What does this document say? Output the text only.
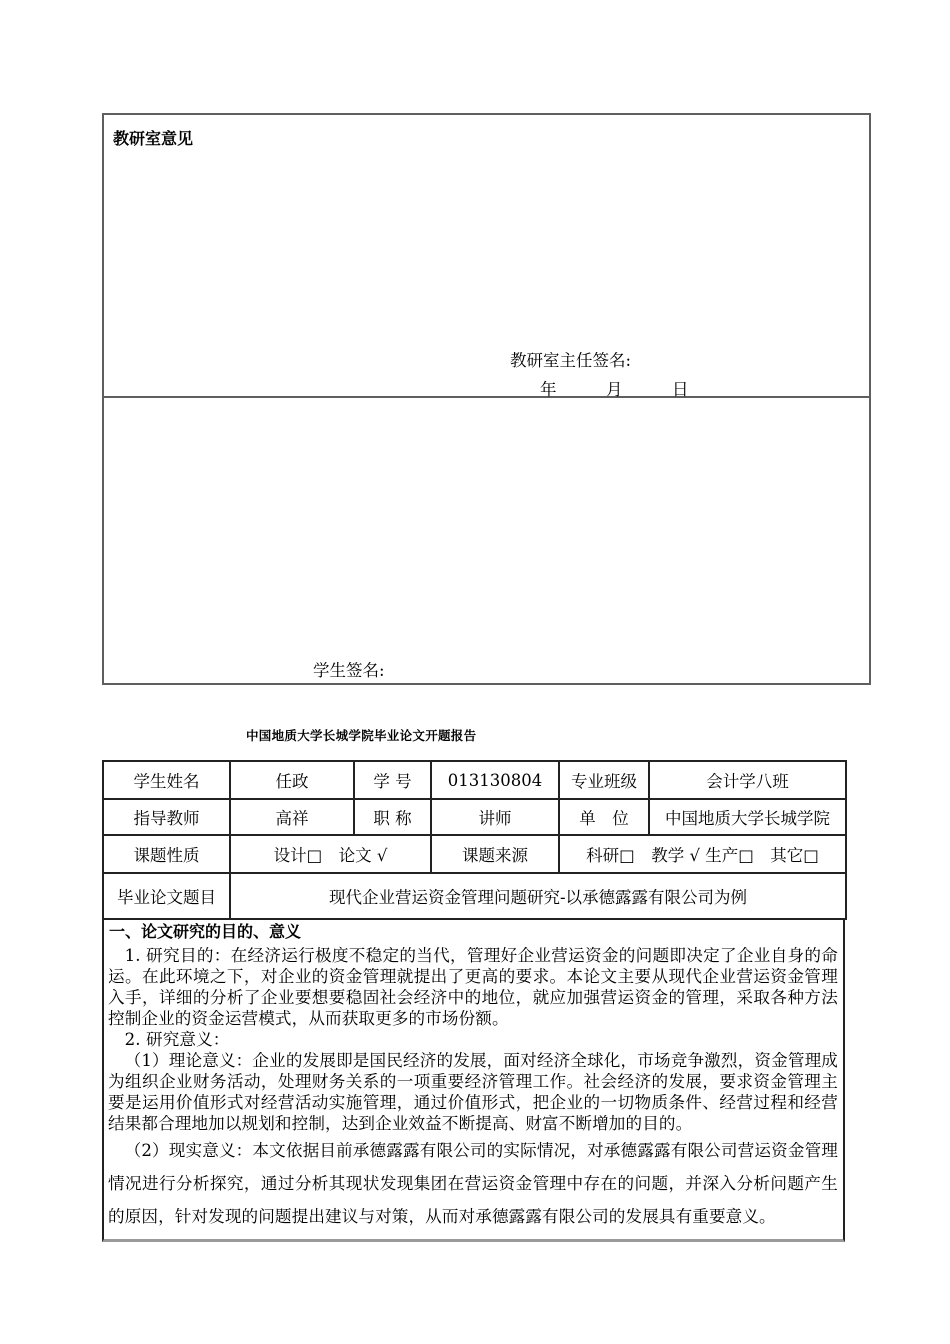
教研室意见
教研室主任签名:
年　　　月　　　日
学生签名:
中国地质大学长城学院毕业论文开题报告
学生姓名	任政	学 号	013130804	专业班级	会计学八班
指导教师	高祥	职 称	讲师	单　位	中国地质大学长城学院
课题性质	设计□　论文 √		课题来源	科研□　教学 √ 生产□　其它□	
毕业论文题目	现代企业营运资金管理问题研究-以承德露露有限公司为例				
一、论文研究的目的、意义

1. 研究目的：在经济运行极度不稳定的当代，管理好企业营运资金的问题即决定了企业自身的命运。在此环境之下，对企业的资金管理就提出了更高的要求。本论文主要从现代企业营运资金管理入手，详细的分析了企业要想要稳固社会经济中的地位，就应加强营运资金的管理，采取各种方法控制企业的资金运营模式，从而获取更多的市场份额。

2. 研究意义：

（1）理论意义：企业的发展即是国民经济的发展，面对经济全球化，市场竞争激烈，资金管理成为组织企业财务活动，处理财务关系的一项重要经济管理工作。社会经济的发展，要求资金管理主要是运用价值形式对经营活动实施管理，通过价值形式，把企业的一切物质条件、经营过程和经营结果都合理地加以规划和控制，达到企业效益不断提高、财富不断增加的目的。

（2）现实意义：本文依据目前承德露露有限公司的实际情况，对承德露露有限公司营运资金管理情况进行分析探究，通过分析其现状发现集团在营运资金管理中存在的问题，并深入分析问题产生的原因，针对发现的问题提出建议与对策，从而对承德露露有限公司的发展具有重要意义。
